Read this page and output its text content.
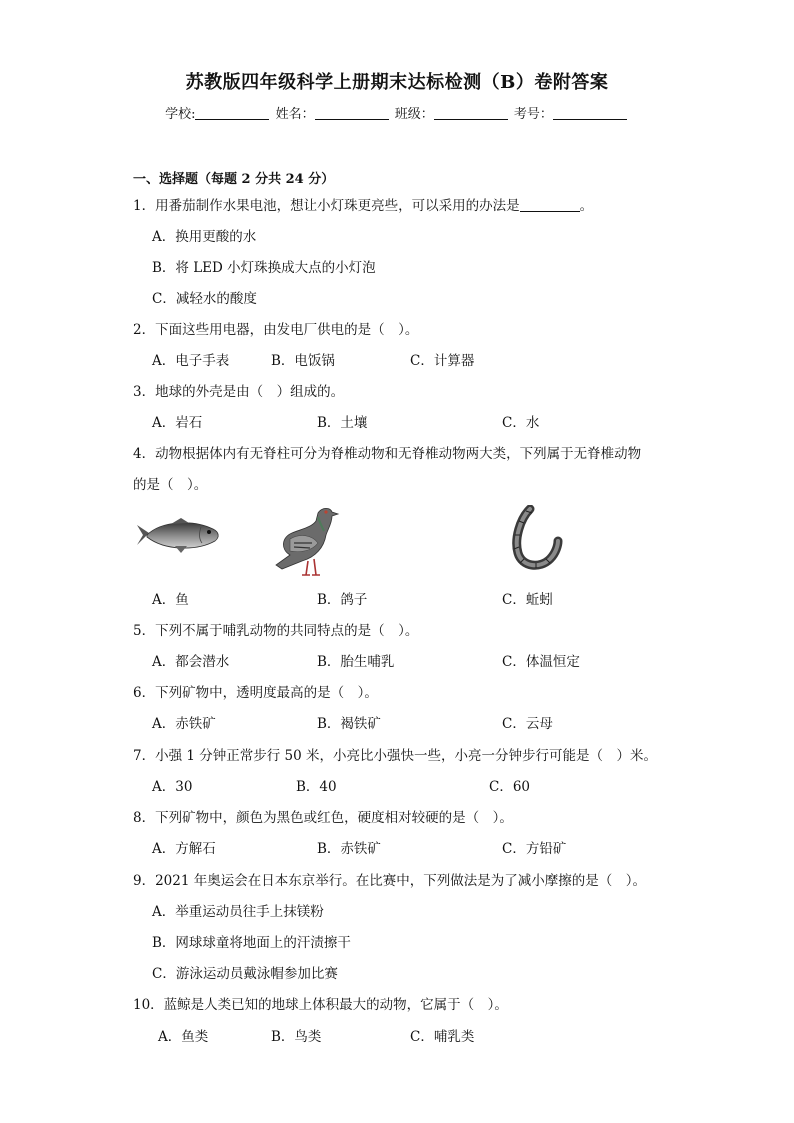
苏教版四年级科学上册期末达标检测（B）卷附答案
学校:	姓名：	班级：	考号：
一、选择题（每题 2 分共 24 分）
1．用番茄制作水果电池，想让小灯珠更亮些，可以采用的办法是	。
A．换用更酸的水
B．将 LED 小灯珠换成大点的小灯泡
C．减轻水的酸度
2．下面这些用电器，由发电厂供电的是（　）。
A．电子手表	B．电饭锅	C．计算器
3．地球的外壳是由（　）组成的。
A．岩石	B．土壤	C．水
4．动物根据体内有无脊柱可分为脊椎动物和无脊椎动物两大类，下列属于无脊椎动物
的是（　）。
A．鱼	B．鸽子	C．蚯蚓
5．下列不属于哺乳动物的共同特点的是（　）。
A．都会潜水	B．胎生哺乳	C．体温恒定
6．下列矿物中，透明度最高的是（　）。
A．赤铁矿	B．褐铁矿	C．云母
7．小强 1 分钟正常步行 50 米，小亮比小强快一些，小亮一分钟步行可能是（　）米。
A．30	B．40	C．60
8．下列矿物中，颜色为黑色或红色，硬度相对较硬的是（　）。
A．方解石	B．赤铁矿	C．方铅矿
9．2021 年奥运会在日本东京举行。在比赛中，下列做法是为了减小摩擦的是（　）。
A．举重运动员往手上抹镁粉
B．网球球童将地面上的汗渍擦干
C．游泳运动员戴泳帽参加比赛
10．蓝鲸是人类已知的地球上体积最大的动物，它属于（　）。
A．鱼类	B．鸟类	C．哺乳类
